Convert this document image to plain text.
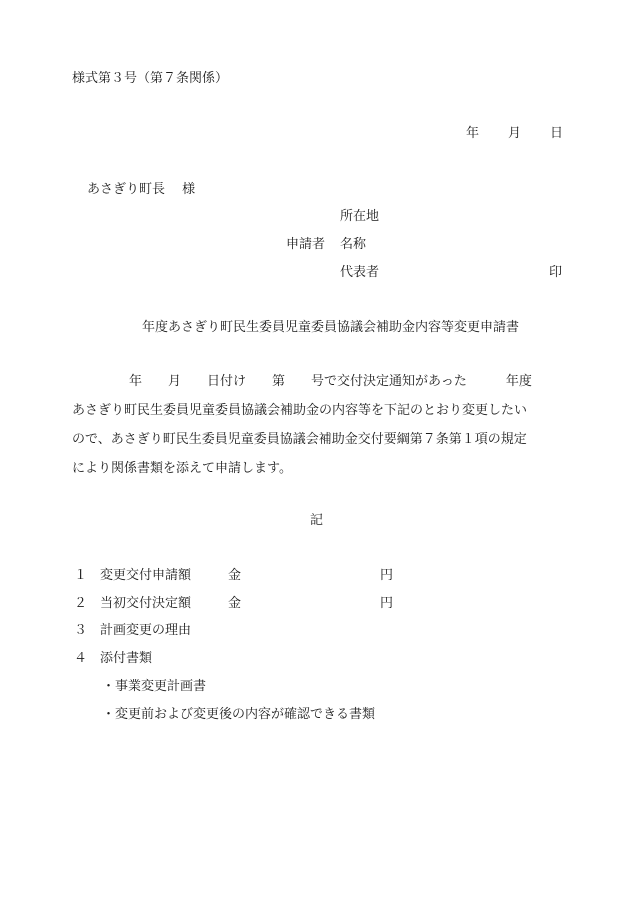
様式第３号（第７条関係）
年 月 日
あさぎり町長　 様
所在地
申請者 名称
代表者	印
年度あさぎり町民生委員児童委員協議会補助金内容等変更申請書
年　　月　　日付け　　第　　号で交付決定通知があった　　　年度
あさぎり町民生委員児童委員協議会補助金の内容等を下記のとおり変更したい
ので、あさぎり町民生委員児童委員協議会補助金交付要綱第７条第１項の規定
により関係書類を添えて申請します。
記
１ 変更交付申請額	金	円
２ 当初交付決定額	金	円
３ 計画変更の理由
４ 添付書類
・事業変更計画書
・変更前および変更後の内容が確認できる書類
